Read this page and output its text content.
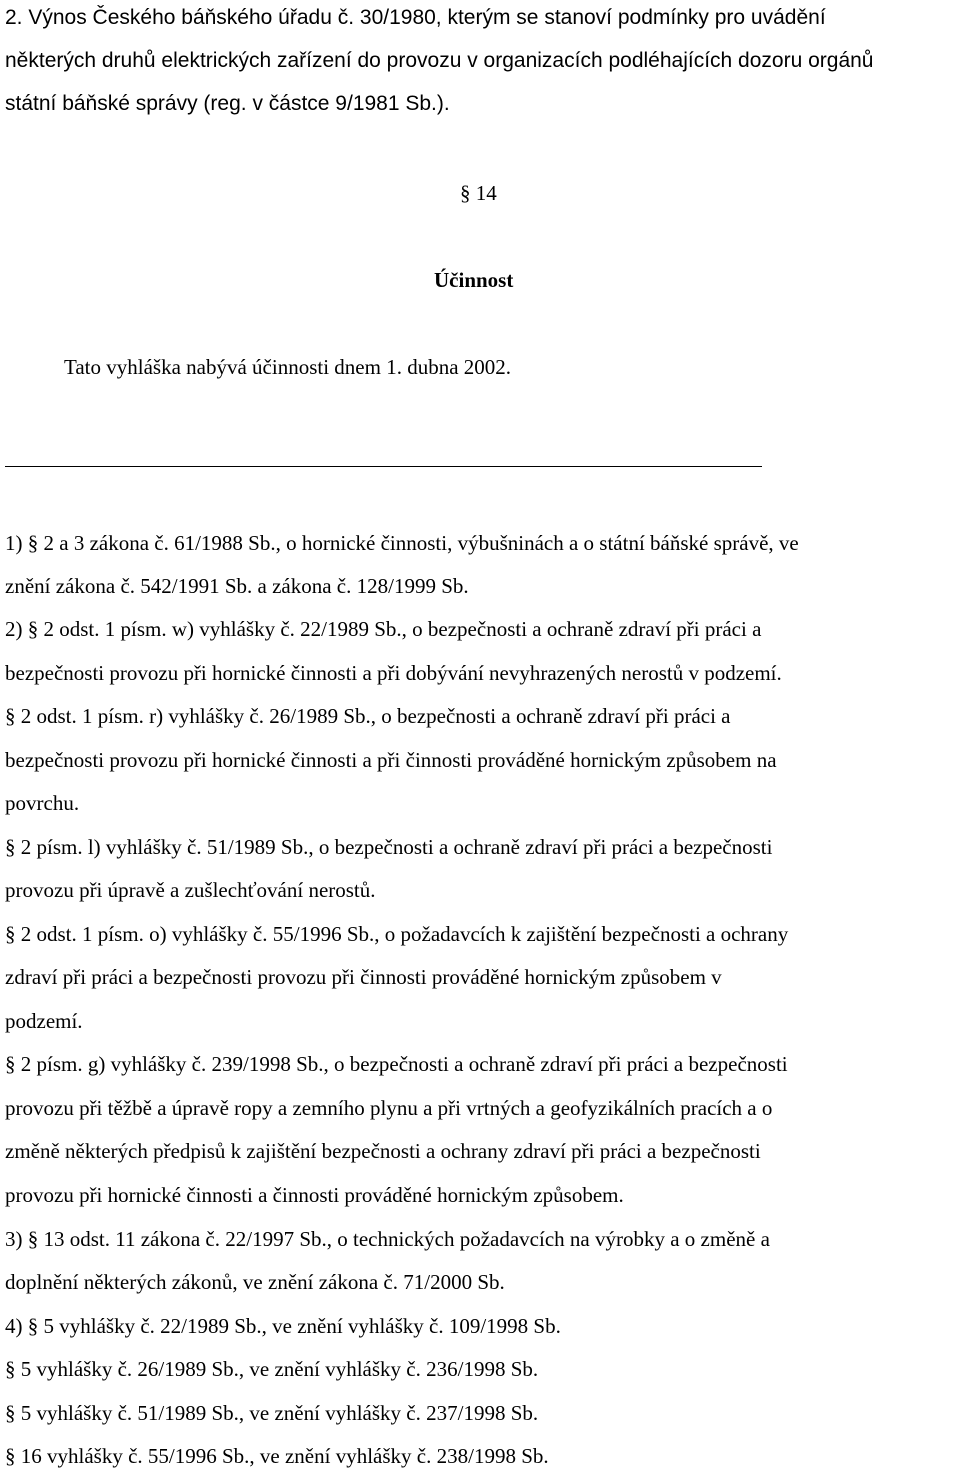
2. Výnos Českého báňského úřadu č. 30/1980, kterým se stanoví podmínky pro uvádění
některých druhů elektrických zařízení do provozu v organizacích podléhajících dozoru orgánů
státní báňské správy (reg. v částce 9/1981 Sb.).
§ 14
Účinnost
Tato vyhláška nabývá účinnosti dnem 1. dubna 2002.
1) § 2 a 3 zákona č. 61/1988 Sb., o hornické činnosti, výbušninách a o státní báňské správě, ve
znění zákona č. 542/1991 Sb. a zákona č. 128/1999 Sb.
2) § 2 odst. 1 písm. w) vyhlášky č. 22/1989 Sb., o bezpečnosti a ochraně zdraví při práci a
bezpečnosti provozu při hornické činnosti a při dobývání nevyhrazených nerostů v podzemí.
§ 2 odst. 1 písm. r) vyhlášky č. 26/1989 Sb., o bezpečnosti a ochraně zdraví při práci a
bezpečnosti provozu při hornické činnosti a při činnosti prováděné hornickým způsobem na
povrchu.
§ 2 písm. l) vyhlášky č. 51/1989 Sb., o bezpečnosti a ochraně zdraví při práci a bezpečnosti
provozu při úpravě a zušlechťování nerostů.
§ 2 odst. 1 písm. o) vyhlášky č. 55/1996 Sb., o požadavcích k zajištění bezpečnosti a ochrany
zdraví při práci a bezpečnosti provozu při činnosti prováděné hornickým způsobem v
podzemí.
§ 2 písm. g) vyhlášky č. 239/1998 Sb., o bezpečnosti a ochraně zdraví při práci a bezpečnosti
provozu při těžbě a úpravě ropy a zemního plynu a při vrtných a geofyzikálních pracích a o
změně některých předpisů k zajištění bezpečnosti a ochrany zdraví při práci a bezpečnosti
provozu při hornické činnosti a činnosti prováděné hornickým způsobem.
3) § 13 odst. 11 zákona č. 22/1997 Sb., o technických požadavcích na výrobky a o změně a
doplnění některých zákonů, ve znění zákona č. 71/2000 Sb.
4) § 5 vyhlášky č. 22/1989 Sb., ve znění vyhlášky č. 109/1998 Sb.
§ 5 vyhlášky č. 26/1989 Sb., ve znění vyhlášky č. 236/1998 Sb.
§ 5 vyhlášky č. 51/1989 Sb., ve znění vyhlášky č. 237/1998 Sb.
§ 16 vyhlášky č. 55/1996 Sb., ve znění vyhlášky č. 238/1998 Sb.
